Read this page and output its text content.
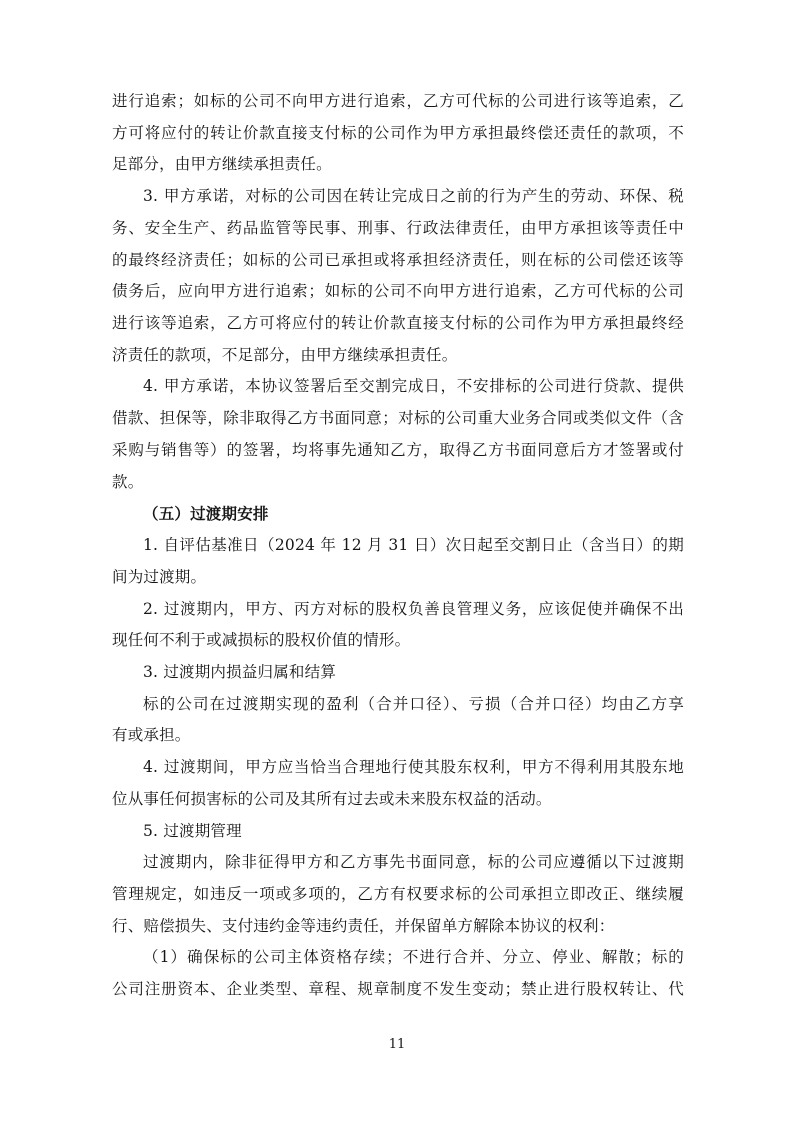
进行追索；如标的公司不向甲方进行追索，乙方可代标的公司进行该等追索，乙
方可将应付的转让价款直接支付标的公司作为甲方承担最终偿还责任的款项，不
足部分，由甲方继续承担责任。
3. 甲方承诺，对标的公司因在转让完成日之前的行为产生的劳动、环保、税
务、安全生产、药品监管等民事、刑事、行政法律责任，由甲方承担该等责任中
的最终经济责任；如标的公司已承担或将承担经济责任，则在标的公司偿还该等
债务后，应向甲方进行追索；如标的公司不向甲方进行追索，乙方可代标的公司
进行该等追索，乙方可将应付的转让价款直接支付标的公司作为甲方承担最终经
济责任的款项，不足部分，由甲方继续承担责任。
4. 甲方承诺，本协议签署后至交割完成日，不安排标的公司进行贷款、提供
借款、担保等，除非取得乙方书面同意；对标的公司重大业务合同或类似文件（含
采购与销售等）的签署，均将事先通知乙方，取得乙方书面同意后方才签署或付
款。
（五）过渡期安排
1. 自评估基准日（2024 年 12 月 31 日）次日起至交割日止（含当日）的期
间为过渡期。
2. 过渡期内，甲方、丙方对标的股权负善良管理义务，应该促使并确保不出
现任何不利于或减损标的股权价值的情形。
3. 过渡期内损益归属和结算
标的公司在过渡期实现的盈利（合并口径）、亏损（合并口径）均由乙方享
有或承担。
4. 过渡期间，甲方应当恰当合理地行使其股东权利，甲方不得利用其股东地
位从事任何损害标的公司及其所有过去或未来股东权益的活动。
5. 过渡期管理
过渡期内，除非征得甲方和乙方事先书面同意，标的公司应遵循以下过渡期
管理规定，如违反一项或多项的，乙方有权要求标的公司承担立即改正、继续履
行、赔偿损失、支付违约金等违约责任，并保留单方解除本协议的权利：
（1）确保标的公司主体资格存续；不进行合并、分立、停业、解散；标的
公司注册资本、企业类型、章程、规章制度不发生变动；禁止进行股权转让、代
11
